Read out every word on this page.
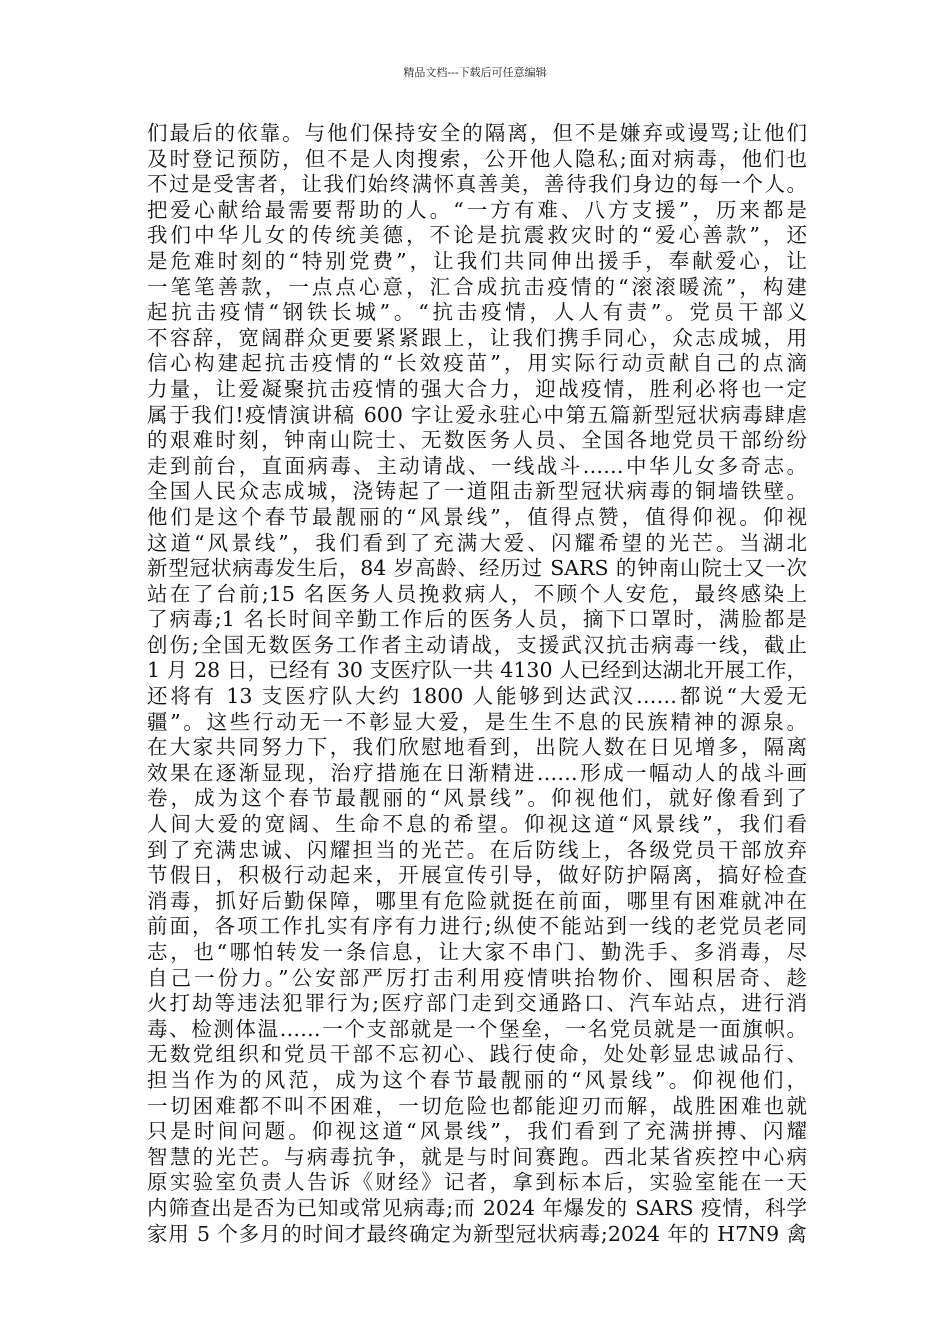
精品文档---下载后可任意编辑
们最后的依靠。与他们保持安全的隔离，但不是嫌弃或谩骂;让他们
及时登记预防，但不是人肉搜索，公开他人隐私;面对病毒，他们也
不过是受害者，让我们始终满怀真善美，善待我们身边的每一个人。
把爱心献给最需要帮助的人。“一方有难、八方支援”，历来都是
我们中华儿女的传统美德，不论是抗震救灾时的“爱心善款”，还
是危难时刻的“特别党费”，让我们共同伸出援手，奉献爱心，让
一笔笔善款，一点点心意，汇合成抗击疫情的“滚滚暖流”，构建
起抗击疫情“钢铁长城”。“抗击疫情，人人有责”。党员干部义
不容辞，宽阔群众更要紧紧跟上，让我们携手同心，众志成城，用
信心构建起抗击疫情的“长效疫苗”，用实际行动贡献自己的点滴
力量，让爱凝聚抗击疫情的强大合力，迎战疫情，胜利必将也一定
属于我们!疫情演讲稿 600 字让爱永驻心中第五篇新型冠状病毒肆虐
的艰难时刻，钟南山院士、无数医务人员、全国各地党员干部纷纷
走到前台，直面病毒、主动请战、一线战斗……中华儿女多奇志。
全国人民众志成城，浇铸起了一道阻击新型冠状病毒的铜墙铁壁。
他们是这个春节最靓丽的“风景线”，值得点赞，值得仰视。仰视
这道“风景线”，我们看到了充满大爱、闪耀希望的光芒。当湖北
新型冠状病毒发生后，84 岁高龄、经历过 SARS 的钟南山院士又一次
站在了台前;15 名医务人员挽救病人，不顾个人安危，最终感染上
了病毒;1 名长时间辛勤工作后的医务人员，摘下口罩时，满脸都是
创伤;全国无数医务工作者主动请战，支援武汉抗击病毒一线，截止
1 月 28 日，已经有 30 支医疗队一共 4130 人已经到达湖北开展工作，
还将有 13 支医疗队大约 1800 人能够到达武汉……都说“大爱无
疆”。这些行动无一不彰显大爱，是生生不息的民族精神的源泉。
在大家共同努力下，我们欣慰地看到，出院人数在日见增多，隔离
效果在逐渐显现，治疗措施在日渐精进……形成一幅动人的战斗画
卷，成为这个春节最靓丽的“风景线”。仰视他们，就好像看到了
人间大爱的宽阔、生命不息的希望。仰视这道“风景线”，我们看
到了充满忠诚、闪耀担当的光芒。在后防线上，各级党员干部放弃
节假日，积极行动起来，开展宣传引导，做好防护隔离，搞好检查
消毒，抓好后勤保障，哪里有危险就挺在前面，哪里有困难就冲在
前面，各项工作扎实有序有力进行;纵使不能站到一线的老党员老同
志，也“哪怕转发一条信息，让大家不串门、勤洗手、多消毒，尽
自己一份力。”公安部严厉打击利用疫情哄抬物价、囤积居奇、趁
火打劫等违法犯罪行为;医疗部门走到交通路口、汽车站点，进行消
毒、检测体温……一个支部就是一个堡垒，一名党员就是一面旗帜。
无数党组织和党员干部不忘初心、践行使命，处处彰显忠诚品行、
担当作为的风范，成为这个春节最靓丽的“风景线”。仰视他们，
一切困难都不叫不困难，一切危险也都能迎刃而解，战胜困难也就
只是时间问题。仰视这道“风景线”，我们看到了充满拼搏、闪耀
智慧的光芒。与病毒抗争，就是与时间赛跑。西北某省疾控中心病
原实验室负责人告诉《财经》记者，拿到标本后，实验室能在一天
内筛查出是否为已知或常见病毒;而 2024 年爆发的 SARS 疫情，科学
家用 5 个多月的时间才最终确定为新型冠状病毒;2024 年的 H7N9 禽
